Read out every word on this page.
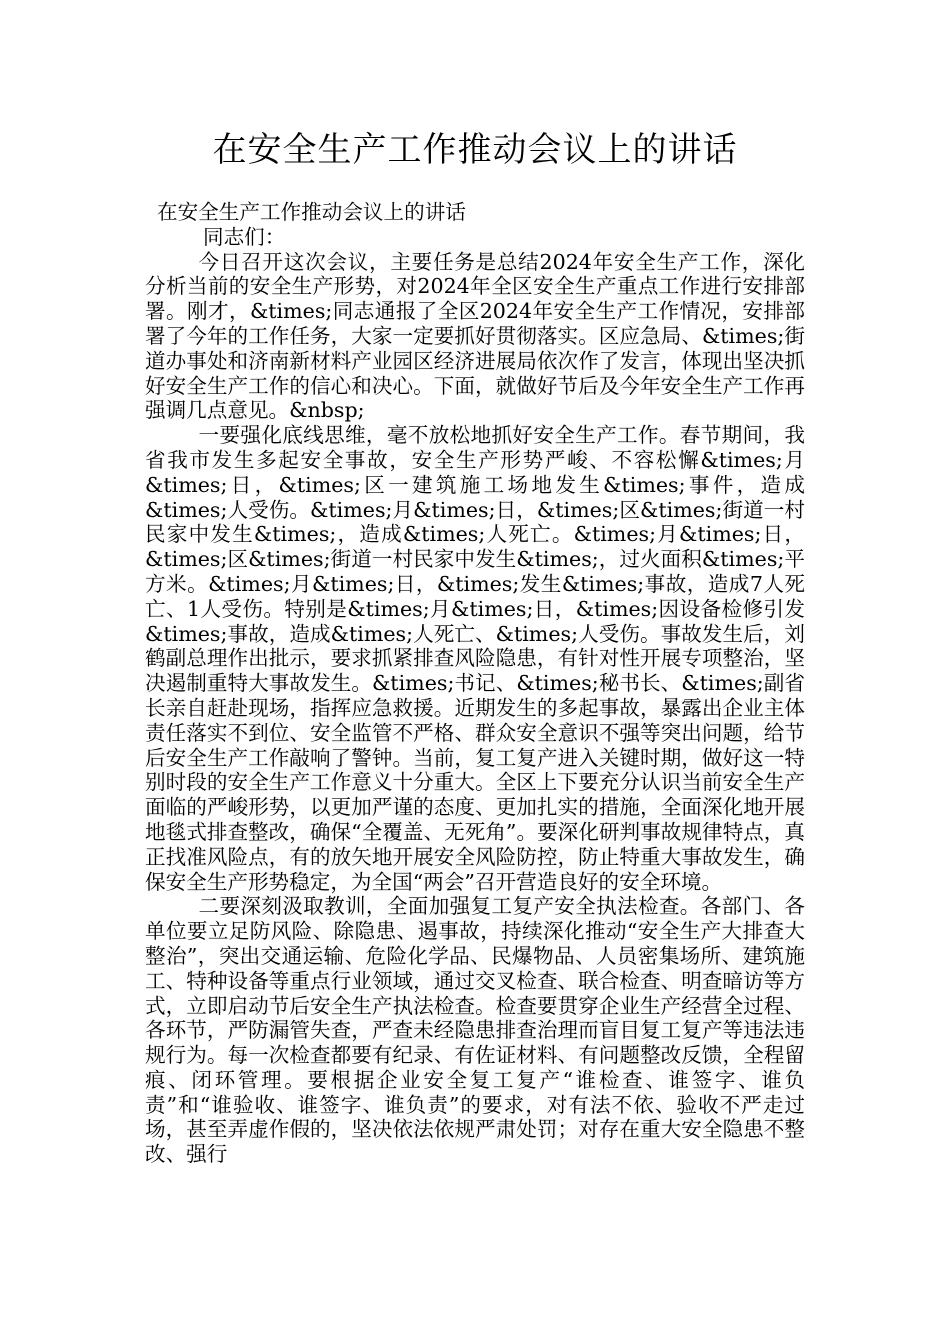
在安全生产工作推动会议上的讲话

在安全生产工作推动会议上的讲话

同志们：

今日召开这次会议，主要任务是总结2024年安全生产工作，深化分析当前的安全生产形势，对2024年全区安全生产重点工作进行安排部署。刚才，&times;同志通报了全区2024年安全生产工作情况，安排部署了今年的工作任务，大家一定要抓好贯彻落实。区应急局、&times;街道办事处和济南新材料产业园区经济进展局依次作了发言，体现出坚决抓好安全生产工作的信心和决心。下面，就做好节后及今年安全生产工作再强调几点意见。&nbsp;

一要强化底线思维，毫不放松地抓好安全生产工作。春节期间，我省我市发生多起安全事故，安全生产形势严峻、不容松懈&times;月&times;日，&times;区一建筑施工场地发生&times;事件，造成&times;人受伤。&times;月&times;日，&times;区&times;街道一村民家中发生&times;，造成&times;人死亡。&times;月&times;日，&times;区&times;街道一村民家中发生&times;，过火面积&times;平方米。&times;月&times;日，&times;发生&times;事故，造成7人死亡、1人受伤。特别是&times;月&times;日，&times;因设备检修引发&times;事故，造成&times;人死亡、&times;人受伤。事故发生后，刘鹤副总理作出批示，要求抓紧排查风险隐患，有针对性开展专项整治，坚决遏制重特大事故发生。&times;书记、&times;秘书长、&times;副省长亲自赶赴现场，指挥应急救援。近期发生的多起事故，暴露出企业主体责任落实不到位、安全监管不严格、群众安全意识不强等突出问题，给节后安全生产工作敲响了警钟。当前，复工复产进入关键时期，做好这一特别时段的安全生产工作意义十分重大。全区上下要充分认识当前安全生产面临的严峻形势，以更加严谨的态度、更加扎实的措施，全面深化地开展地毯式排查整改，确保“全覆盖、无死角”。要深化研判事故规律特点，真正找准风险点，有的放矢地开展安全风险防控，防止特重大事故发生，确保安全生产形势稳定，为全国“两会”召开营造良好的安全环境。

二要深刻汲取教训，全面加强复工复产安全执法检查。各部门、各单位要立足防风险、除隐患、遏事故，持续深化推动“安全生产大排查大整治”，突出交通运输、危险化学品、民爆物品、人员密集场所、建筑施工、特种设备等重点行业领域，通过交叉检查、联合检查、明查暗访等方式，立即启动节后安全生产执法检查。检查要贯穿企业生产经营全过程、各环节，严防漏管失查，严查未经隐患排查治理而盲目复工复产等违法违规行为。每一次检查都要有纪录、有佐证材料、有问题整改反馈，全程留痕、闭环管理。要根据企业安全复工复产“谁检查、谁签字、谁负责”和“谁验收、谁签字、谁负责”的要求，对有法不依、验收不严走过场，甚至弄虚作假的，坚决依法依规严肃处罚；对存在重大安全隐患不整改、强行
